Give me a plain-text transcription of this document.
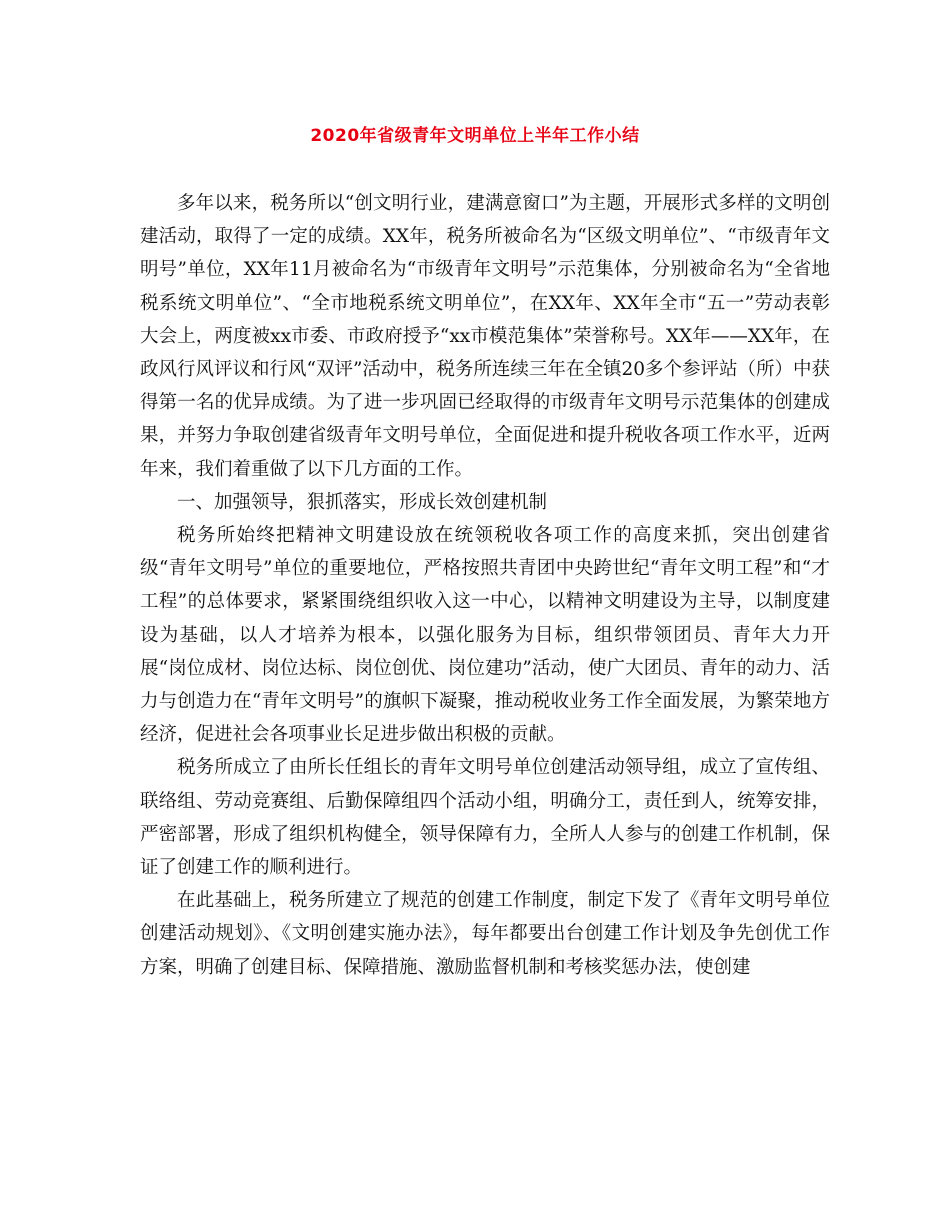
2020年省级青年文明单位上半年工作小结

多年以来，税务所以“创文明行业，建满意窗口”为主题，开展形式多样的文明创建活动，取得了一定的成绩。XX年，税务所被命名为“区级文明单位”、“市级青年文明号”单位，XX年11月被命名为“市级青年文明号”示范集体，分别被命名为“全省地税系统文明单位”、“全市地税系统文明单位”，在XX年、XX年全市“五一”劳动表彰大会上，两度被xx市委、市政府授予“xx市模范集体”荣誉称号。XX年——XX年，在政风行风评议和行风“双评”活动中，税务所连续三年在全镇20多个参评站（所）中获得第一名的优异成绩。为了进一步巩固已经取得的市级青年文明号示范集体的创建成果，并努力争取创建省级青年文明号单位，全面促进和提升税收各项工作水平，近两年来，我们着重做了以下几方面的工作。

一、加强领导，狠抓落实，形成长效创建机制

税务所始终把精神文明建设放在统领税收各项工作的高度来抓，突出创建省级“青年文明号”单位的重要地位，严格按照共青团中央跨世纪“青年文明工程”和“才工程”的总体要求，紧紧围绕组织收入这一中心，以精神文明建设为主导，以制度建设为基础，以人才培养为根本，以强化服务为目标，组织带领团员、青年大力开展“岗位成材、岗位达标、岗位创优、岗位建功”活动，使广大团员、青年的动力、活力与创造力在“青年文明号”的旗帜下凝聚，推动税收业务工作全面发展，为繁荣地方经济，促进社会各项事业长足进步做出积极的贡献。

税务所成立了由所长任组长的青年文明号单位创建活动领导组，成立了宣传组、联络组、劳动竞赛组、后勤保障组四个活动小组，明确分工，责任到人，统筹安排，严密部署，形成了组织机构健全，领导保障有力，全所人人参与的创建工作机制，保证了创建工作的顺利进行。

在此基础上，税务所建立了规范的创建工作制度，制定下发了《青年文明号单位创建活动规划》、《文明创建实施办法》，每年都要出台创建工作计划及争先创优工作方案，明确了创建目标、保障措施、激励监督机制和考核奖惩办法，使创建
